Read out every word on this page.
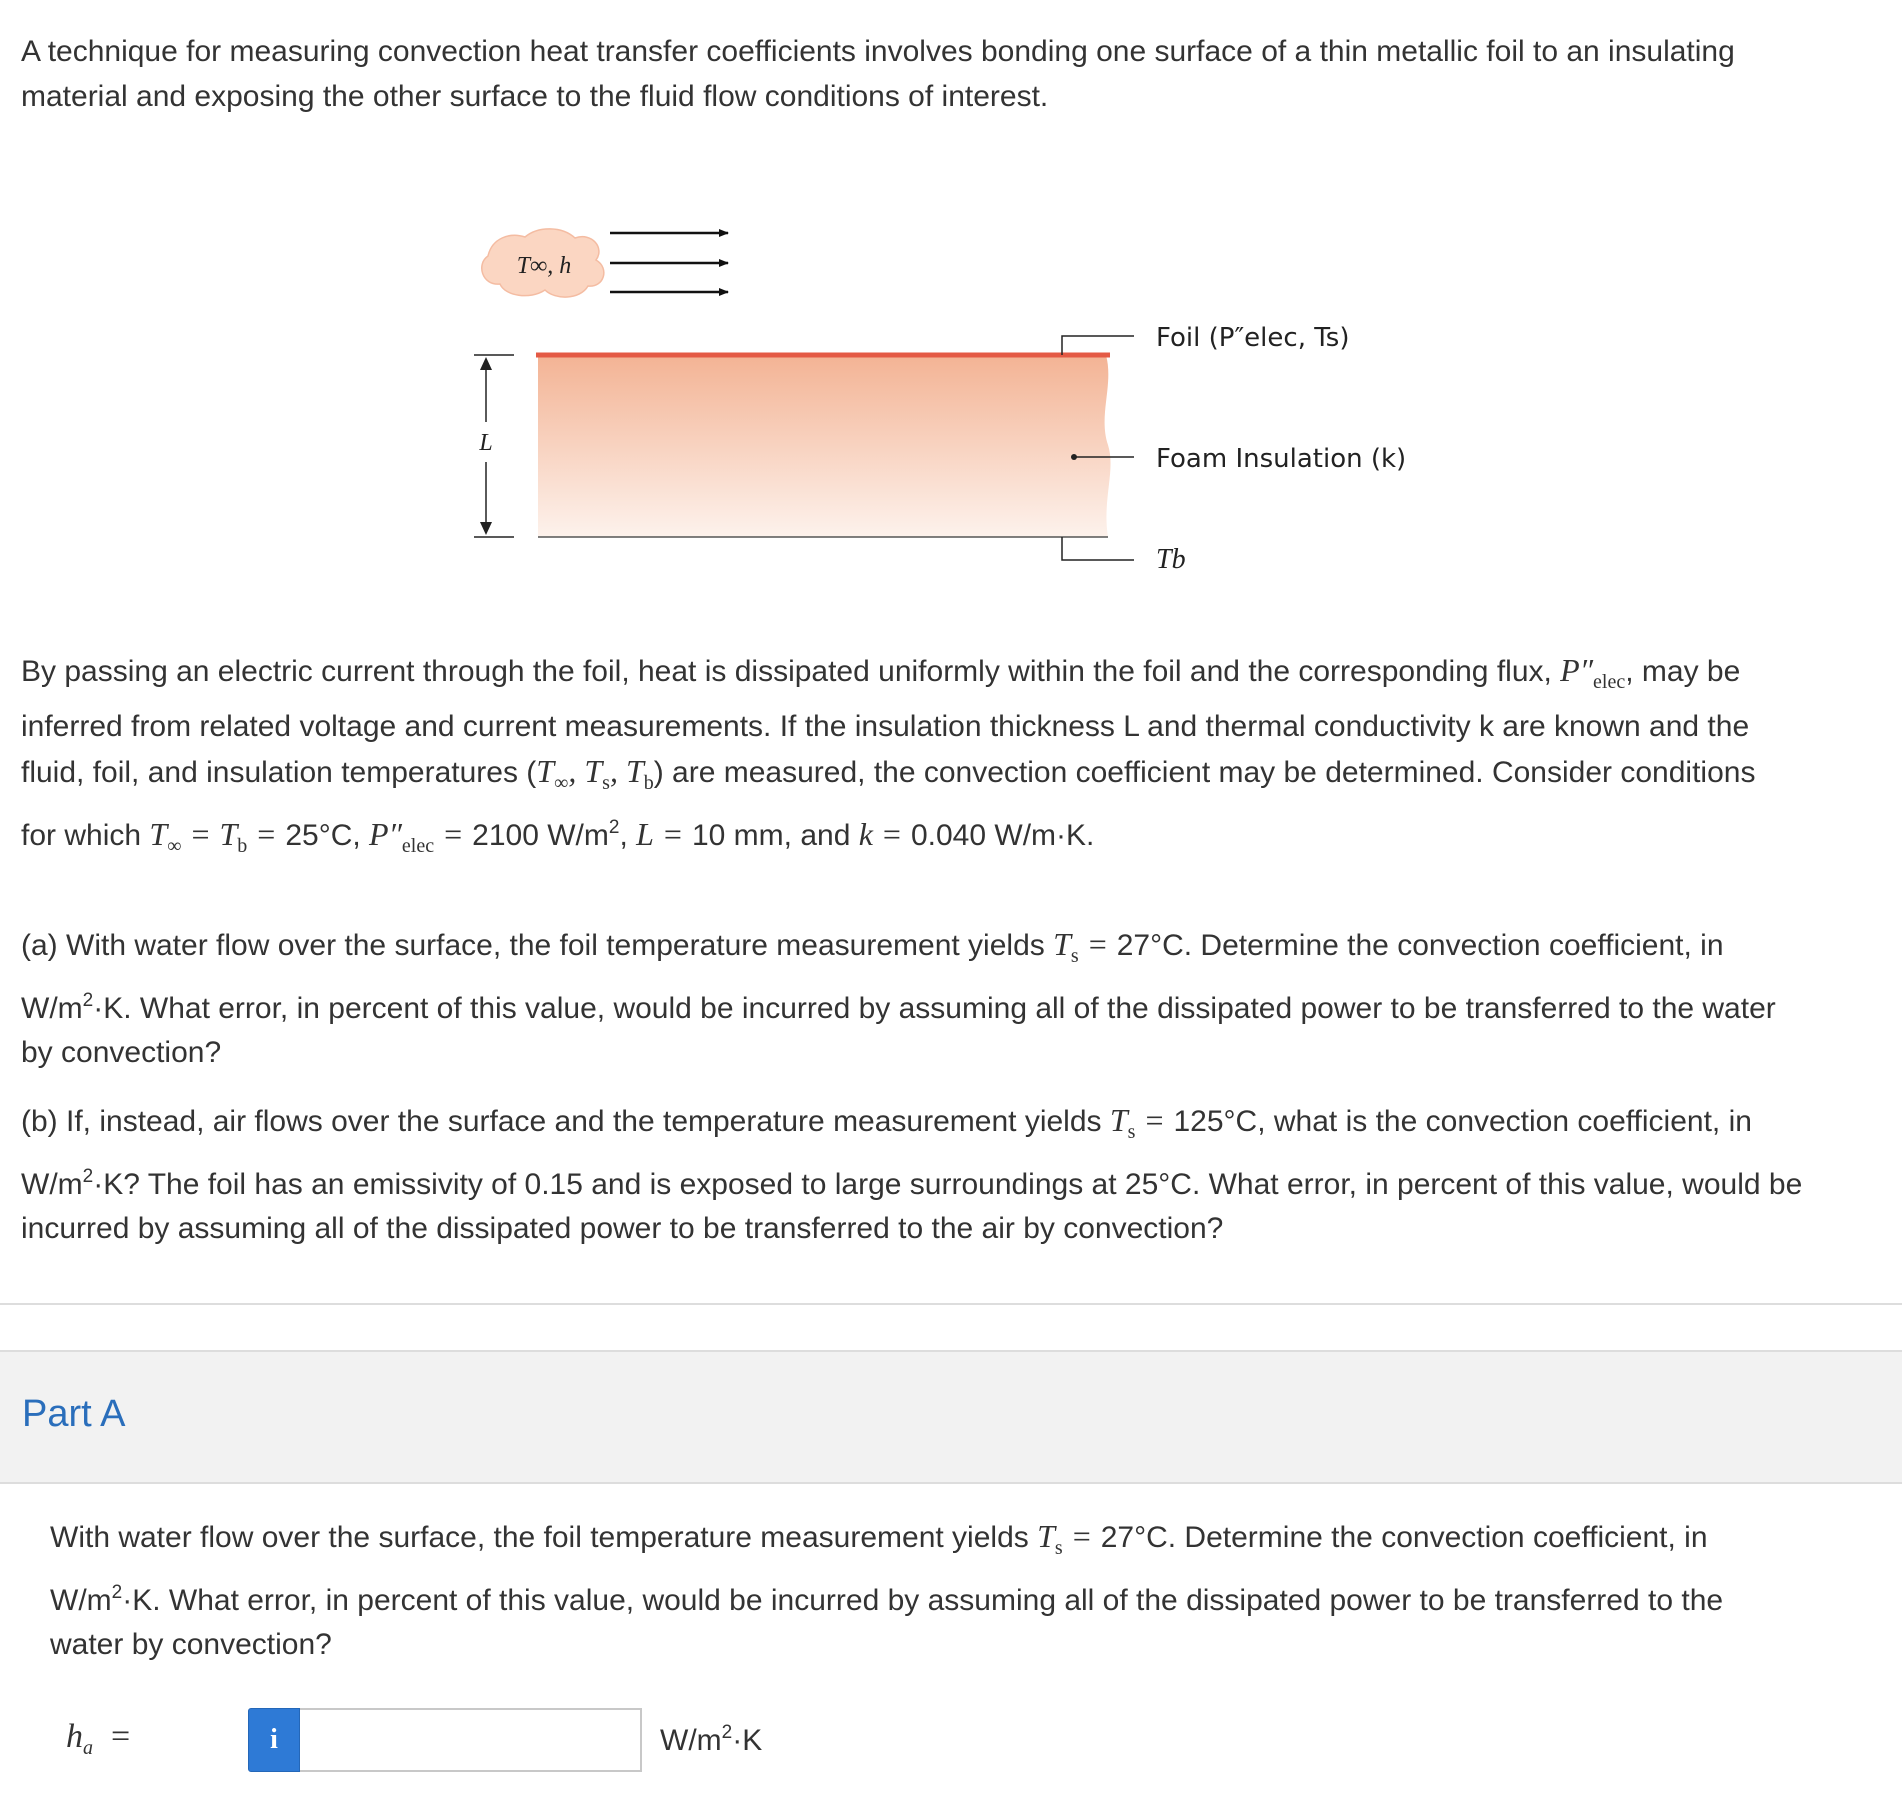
A technique for measuring convection heat transfer coefficients involves bonding one surface of a thin metallic foil to an insulating
material and exposing the other surface to the fluid flow conditions of interest.
T∞, h
L
Foil (P″elec, Ts)
Foam Insulation (k)
Tb
By passing an electric current through the foil, heat is dissipated uniformly within the foil and the corresponding flux, $P''_{elec}$, may be
inferred from related voltage and current measurements. If the insulation thickness L and thermal conductivity k are known and the
fluid, foil, and insulation temperatures ($T_\infty$, $T_s$, $T_b$) are measured, the convection coefficient may be determined. Consider conditions
for which $T_\infty = T_b = 25^\circ C$, $P''_{elec} = 2100$ $W/m^2$, L = 10 mm, and k = 0.040 W/m·K.
(a) With water flow over the surface, the foil temperature measurement yields $T_s = 27^\circ C$. Determine the convection coefficient, in
$W/m^2\cdot K$. What error, in percent of this value, would be incurred by assuming all of the dissipated power to be transferred to the water
by convection?
(b) If, instead, air flows over the surface and the temperature measurement yields $T_s = 125^\circ C$, what is the convection coefficient, in
$W/m^2\cdot K$? The foil has an emissivity of 0.15 and is exposed to large surroundings at 25°C. What error, in percent of this value, would be
incurred by assuming all of the dissipated power to be transferred to the air by convection?
Part A
With water flow over the surface, the foil temperature measurement yields $T_s = 27^\circ C$. Determine the convection coefficient, in
$W/m^2\cdot K$. What error, in percent of this value, would be incurred by assuming all of the dissipated power to be transferred to the
water by convection?
$h_a$ =	i	$W/m^2\cdot K$
